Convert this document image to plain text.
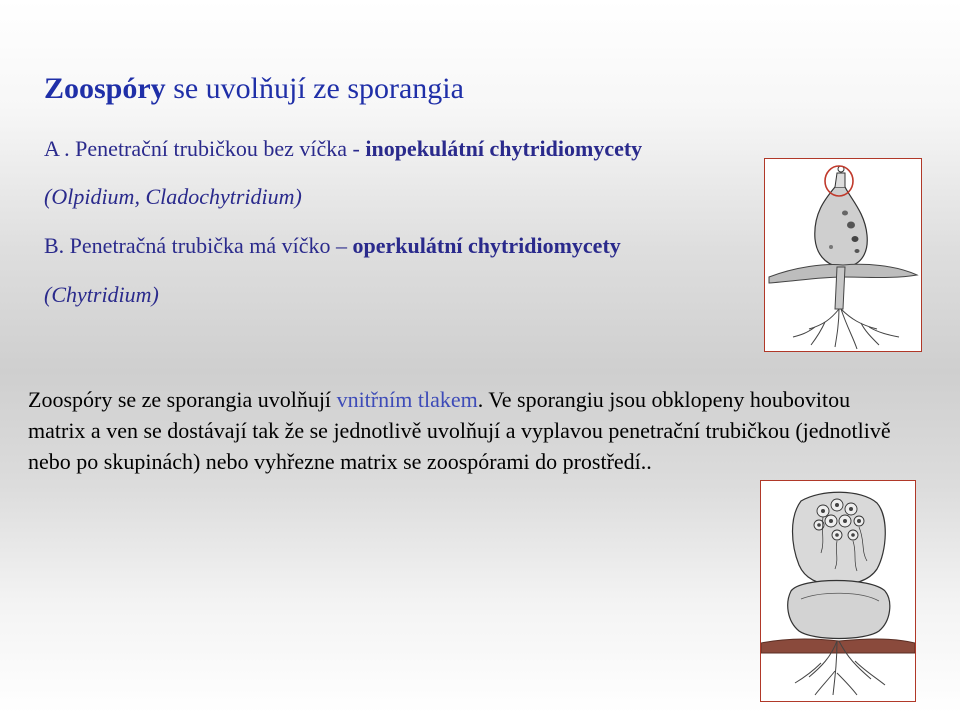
Zoospóry se uvolňují ze sporangia
A . Penetrační trubičkou bez víčka - inopekulátní chytridiomycety
(Olpidium, Cladochytridium)
B. Penetračná trubička má víčko – operkulátní chytridiomycety
(Chytridium)
Zoospóry se ze sporangia uvolňují vnitřním tlakem. Ve sporangiu jsou obklopeny houbovitou matrix a ven se dostávají tak že se jednotlivě uvolňují a vyplavou penetrační trubičkou (jednotlivě nebo po skupinách) nebo vyhřezne matrix se zoospórami do prostředí..
